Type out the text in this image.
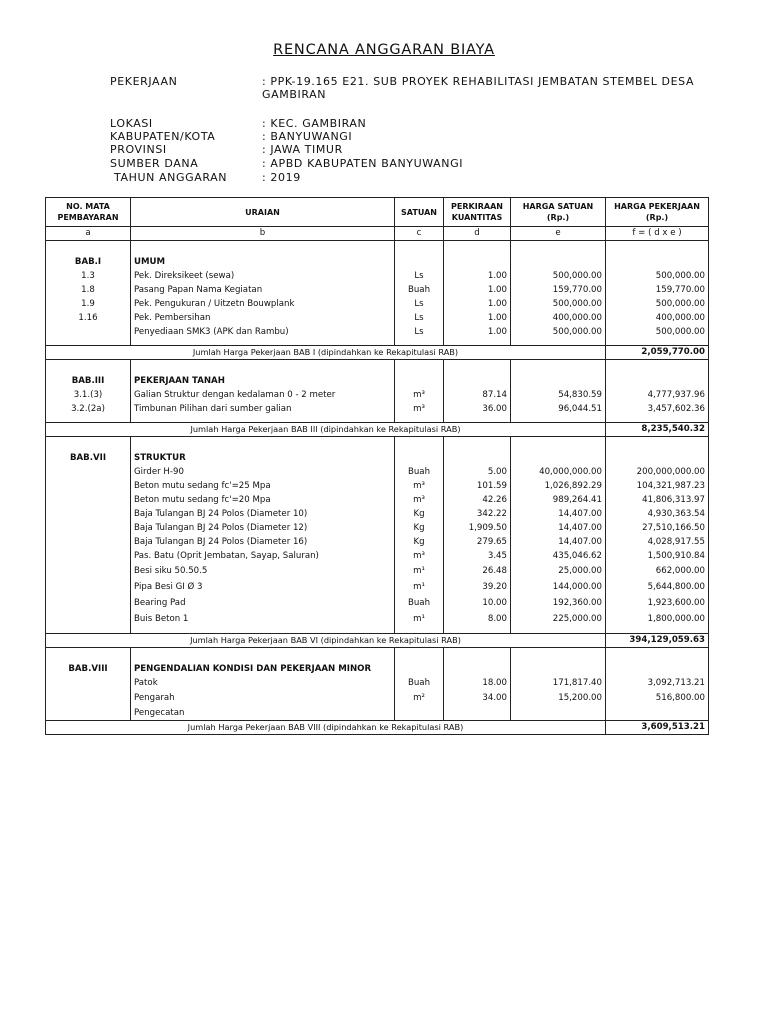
RENCANA ANGGARAN BIAYA
PEKERJAAN	: PPK-19.165 E21. SUB PROYEK REHABILITASI JEMBATAN STEMBEL DESA GAMBIRAN
LOKASI	: KEC. GAMBIRAN
KABUPATEN/KOTA	: BANYUWANGI
PROVINSI	: JAWA TIMUR
SUMBER DANA	: APBD KABUPATEN BANYUWANGI
TAHUN ANGGARAN	: 2019
NO. MATA PEMBAYARAN	URAIAN	SATUAN	PERKIRAAN KUANTITAS	HARGA SATUAN (Rp.)	HARGA PEKERJAAN (Rp.)
a	b	c	d	e	f = ( d x e )

BAB.I	UMUM				
1.3	Pek. Direksikeet (sewa)	Ls	1.00	500,000.00	500,000.00
1.8	Pasang Papan Nama Kegiatan	Buah	1.00	159,770.00	159,770.00
1.9	Pek. Pengukuran / Uitzetn Bouwplank	Ls	1.00	500,000.00	500,000.00
1.16	Pek. Pembersihan	Ls	1.00	400,000.00	400,000.00
	Penyediaan SMK3 (APK dan Rambu)	Ls	1.00	500,000.00	500,000.00

Jumlah Harga Pekerjaan BAB I (dipindahkan ke Rekapitulasi RAB)					2,059,770.00

BAB.III	PEKERJAAN TANAH				
3.1.(3)	Galian Struktur dengan kedalaman 0 - 2 meter	m³	87.14	54,830.59	4,777,937.96
3.2.(2a)	Timbunan Pilihan dari sumber galian	m³	36.00	96,044.51	3,457,602.36

Jumlah Harga Pekerjaan BAB III (dipindahkan ke Rekapitulasi RAB)					8,235,540.32

BAB.VII	STRUKTUR				
	Girder H-90	Buah	5.00	40,000,000.00	200,000,000.00
	Beton mutu sedang fc'=25 Mpa	m³	101.59	1,026,892.29	104,321,987.23
	Beton mutu sedang fc'=20 Mpa	m³	42.26	989,264.41	41,806,313.97
	Baja Tulangan BJ 24 Polos (Diameter 10)	Kg	342.22	14,407.00	4,930,363.54
	Baja Tulangan BJ 24 Polos (Diameter 12)	Kg	1,909.50	14,407.00	27,510,166.50
	Baja Tulangan BJ 24 Polos (Diameter 16)	Kg	279.65	14,407.00	4,028,917.55
	Pas. Batu (Oprit Jembatan, Sayap, Saluran)	m³	3.45	435,046.62	1,500,910.84
	Besi siku 50.50.5	m¹	26.48	25,000.00	662,000.00
	Pipa Besi GI Ø 3	m¹	39.20	144,000.00	5,644,800.00
	Bearing Pad	Buah	10.00	192,360.00	1,923,600.00
	Buis Beton 1	m¹	8.00	225,000.00	1,800,000.00

Jumlah Harga Pekerjaan BAB VI (dipindahkan ke Rekapitulasi RAB)					394,129,059.63

BAB.VIII	PENGENDALIAN KONDISI DAN PEKERJAAN MINOR				
	Patok	Buah	18.00	171,817.40	3,092,713.21
	Pengarah	m²	34.00	15,200.00	516,800.00
	Pengecatan				
Jumlah Harga Pekerjaan BAB VIII (dipindahkan ke Rekapitulasi RAB)					3,609,513.21
